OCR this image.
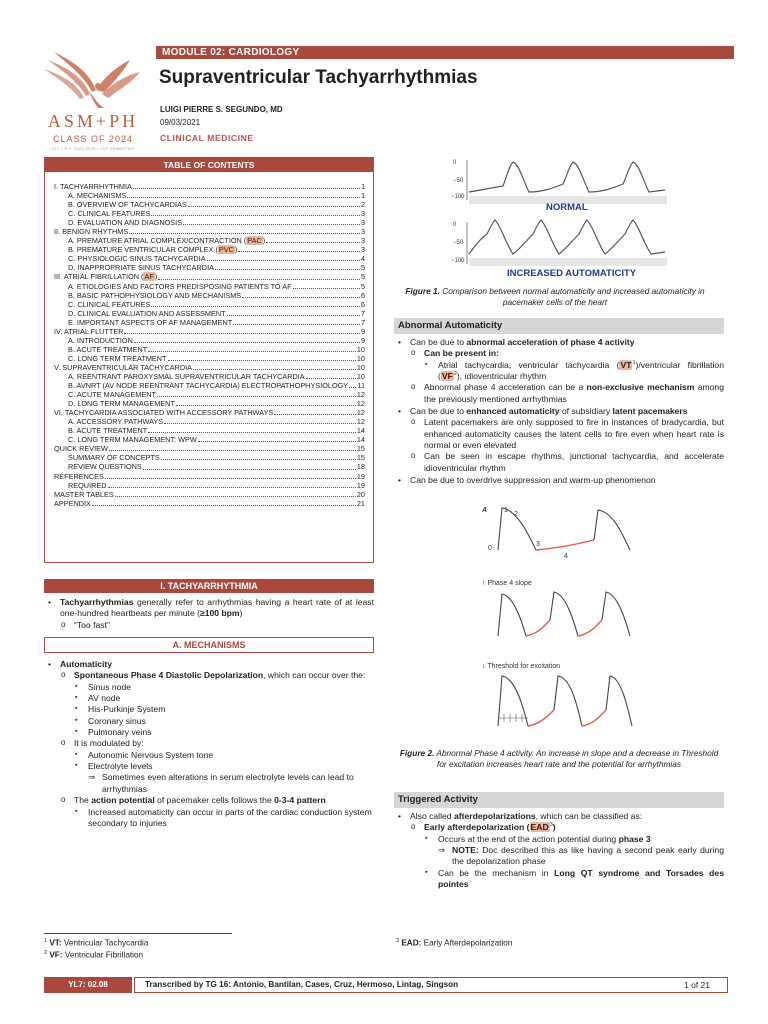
ASM+PH
CLASS OF 2024
YL7 • S.Y. 2021-2022 • 1ST SEMESTER
MODULE 02: CARDIOLOGY
Supraventricular Tachyarrhythmias
LUIGI PIERRE S. SEGUNDO, MD
09/03/2021
CLINICAL MEDICINE
TABLE OF CONTENTS
I. TACHYARRHYTHMIA	1
A. MECHANISMS	1
B. OVERVIEW OF TACHYCARDIAS	2
C. CLINICAL FEATURES	3
D. EVALUATION AND DIAGNOSIS	3
II. BENIGN RHYTHMS	3
A. PREMATURE ATRIAL COMPLEX/CONTRACTION (PAC)	3
B. PREMATURE VENTRICULAR COMPLEX (PVC)	3
C. PHYSIOLOGIC SINUS TACHYCARDIA	4
D. INAPPROPRIATE SINUS TACHYCARDIA	5
III. ATRIAL FIBRILLATION (AF)	5
A. ETIOLOGIES AND FACTORS PREDISPOSING PATIENTS TO AF	5
B. BASIC PATHOPHYSIOLOGY AND MECHANISMS	6
C. CLINICAL FEATURES	6
D. CLINICAL EVALUATION AND ASSESSMENT	7
E. IMPORTANT ASPECTS OF AF MANAGEMENT	7
IV. ATRIAL FLUTTER	9
A. INTRODUCTION	9
B. ACUTE TREATMENT	10
C. LONG TERM TREATMENT	10
V. SUPRAVENTRICULAR TACHYCARDIA	10
A. REENTRANT PAROXYSMAL SUPRAVENTRICULAR TACHYCARDIA	10
B. AVNRT (AV NODE REENTRANT TACHYCARDIA) ELECTROPATHOPHYSIOLOGY 11
C. ACUTE MANAGEMENT	12
D. LONG TERM MANAGEMENT	12
VI. TACHYCARDIA ASSOCIATED WITH ACCESSORY PATHWAYS	12
A. ACCESSORY PATHWAYS	12
B. ACUTE TREATMENT	14
C. LONG TERM MANAGEMENT: WPW	14
QUICK REVIEW	15
SUMMARY OF CONCEPTS	15
REVIEW QUESTIONS	18
REFERENCES	19
REQUIRED	19
MASTER TABLES	20
APPENDIX	21
I. TACHYARRHYTHMIA
• Tachyarrhythmias generally refer to arrhythmias having a heart rate of at least one-hundred heartbeats per minute (≥100 bpm)
o “Too fast”
A. MECHANISMS
• Automaticity
o Spontaneous Phase 4 Diastolic Depolarization, which can occur over the:
▪ Sinus node
▪ AV node
▪ His-Purkinje System
▪ Coronary sinus
▪ Pulmonary veins
o It is modulated by:
▪ Autonomic Nervous System tone
▪ Electrolyte levels
⇒ Sometimes even alterations in serum electrolyte levels can lead to arrhythmias
o The action potential of pacemaker cells follows the 0-3-4 pattern
▪ Increased automaticity can occur in parts of the cardiac conduction system secondary to injuries
0
−50
−100
0
−50
−100
NORMAL
INCREASED AUTOMATICITY
Figure 1. Comparison between normal automaticity and increased automaticity in pacemaker cells of the heart
Abnormal Automaticity
• Can be due to abnormal acceleration of phase 4 activity
o Can be present in:
▪ Atrial tachycardia, ventricular tachycardia $(VT^1)$/ventricular fibrillation $(VF^2)$, idioventricular rhythm
o Abnormal phase 4 acceleration can be a non-exclusive mechanism among the previously mentioned arrhythmias
• Can be due to enhanced automaticity of subsidiary latent pacemakers
o Latent pacemakers are only supposed to fire in instances of bradycardia, but enhanced automaticity causes the latent cells to fire even when heart rate is normal or even elevated
o Can be seen in escape rhythms, junctional tachycardia, and accelerate idioventricular rhythm
• Can be due to overdrive suppression and warm-up phenomenon
A 1
2
3
4
0
↑ Phase 4 slope
↓ Threshold for excitation
Figure 2. Abnormal Phase 4 activity. An increase in slope and a decrease in Threshold for excitation increases heart rate and the potential for arrhythmias
Triggered Activity
• Also called afterdepolarizations, which can be classified as:
o Early afterdepolarization (EAD$^3$)
▪ Occurs at the end of the action potential during phase 3
⇒ NOTE: Doc described this as like having a second peak early during the depolarization phase
▪ Can be the mechanism in Long QT syndrome and Torsades des pointes
$^1$ VT: Ventricular Tachycardia
$^2$ VF: Ventricular Fibrillation
$^3$ EAD: Early Afterdepolarization
YL7: 02.08	Transcribed by TG 16: Antonio, Bantilan, Cases, Cruz, Hermoso, Lintag, Singson	1 of 21
